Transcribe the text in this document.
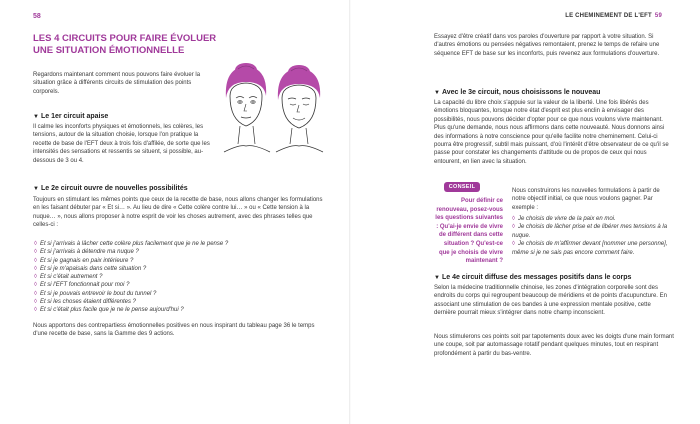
58
LES 4 CIRCUITS POUR FAIRE ÉVOLUER UNE SITUATION ÉMOTIONNELLE
Regardons maintenant comment nous pouvons faire évoluer la situation grâce à différents circuits de stimulation des points corporels.
▼ Le 1er circuit apaise
Il calme les inconforts physiques et émotionnels, les colères, les tensions, autour de la situation choisie, lorsque l'on pratique la recette de base de l'EFT deux à trois fois d'affilée, de sorte que les intensités des sensations et ressentis se situent, si possible, au-dessous de 3 ou 4.
▼ Le 2e circuit ouvre de nouvelles possibilités
Toujours en stimulant les mêmes points que ceux de la recette de base, nous allons changer les formulations en les faisant débuter par « Et si… ». Au lieu de dire « Cette colère contre lui… » ou « Cette tension à la nuque… », nous allons proposer à notre esprit de voir les choses autrement, avec des phrases telles que celles-ci :
◊ Et si j'arrivais à lâcher cette colère plus facilement que je ne le pense ?
◊ Et si j'arrivais à détendre ma nuque ?
◊ Et si je gagnais en paix intérieure ?
◊ Et si je m'apaisais dans cette situation ?
◊ Et si c'était autrement ?
◊ Et si l'EFT fonctionnait pour moi ?
◊ Et si je pouvais entrevoir le bout du tunnel ?
◊ Et si les choses étaient différentes ?
◊ Et si c'était plus facile que je ne le pense aujourd'hui ?
Nous apportons des contrepartiess émotionnelles positives en nous inspirant du tableau page 36 le temps d'une recette de base, sans la Gamme des 9 actions.
LE CHEMINEMENT DE L'EFT 59
Essayez d'être créatif dans vos paroles d'ouverture par rapport à votre situation. Si d'autres émotions ou pensées négatives remontaient, prenez le temps de refaire une séquence EFT de base sur les inconforts, puis revenez aux formulations d'ouverture.
▼ Avec le 3e circuit, nous choisissons le nouveau
La capacité du libre choix s'appuie sur la valeur de la liberté. Une fois libérés des émotions bloquantes, lorsque notre état d'esprit est plus enclin à envisager des possibilités, nous pouvons décider d'opter pour ce que nous voulons vivre maintenant. Plus qu'une demande, nous nous affirmons dans cette nouveauté. Nous donnons ainsi des informations à notre conscience pour qu'elle facilite notre cheminement. Celui-ci pourra être progressif, subtil mais puissant, d'où l'intérêt d'être observateur de ce qu'il se passe pour constater les changements d'attitude ou de propos de ceux qui nous entourent, en lien avec la situation.
CONSEIL
Pour définir ce renouveau, posez-vous les questions suivantes : Qu'ai-je envie de vivre de différent dans cette situation ? Qu'est-ce que je choisis de vivre maintenant ?
Nous construirons les nouvelles formulations à partir de notre objectif initial, ce que nous voulons gagner. Par exemple :
◊ Je choisis de vivre de la paix en moi.
◊ Je choisis de lâcher prise et de libérer mes tensions à la nuque.
◊ Je choisis de m'affirmer devant [nommer une personne], même si je ne sais pas encore comment faire.
▼ Le 4e circuit diffuse des messages positifs dans le corps
Selon la médecine traditionnelle chinoise, les zones d'intégration corporelle sont des endroits du corps qui regroupent beaucoup de méridiens et de points d'acupuncture. En associant une stimulation de ces bandes à une expression mentale positive, cette dernière pourrait mieux s'intégrer dans notre champ inconscient.
Nous stimulerons ces points soit par tapotements doux avec les doigts d'une main formant une coupe, soit par automassage rotatif pendant quelques minutes, tout en respirant profondément à partir du bas-ventre.
